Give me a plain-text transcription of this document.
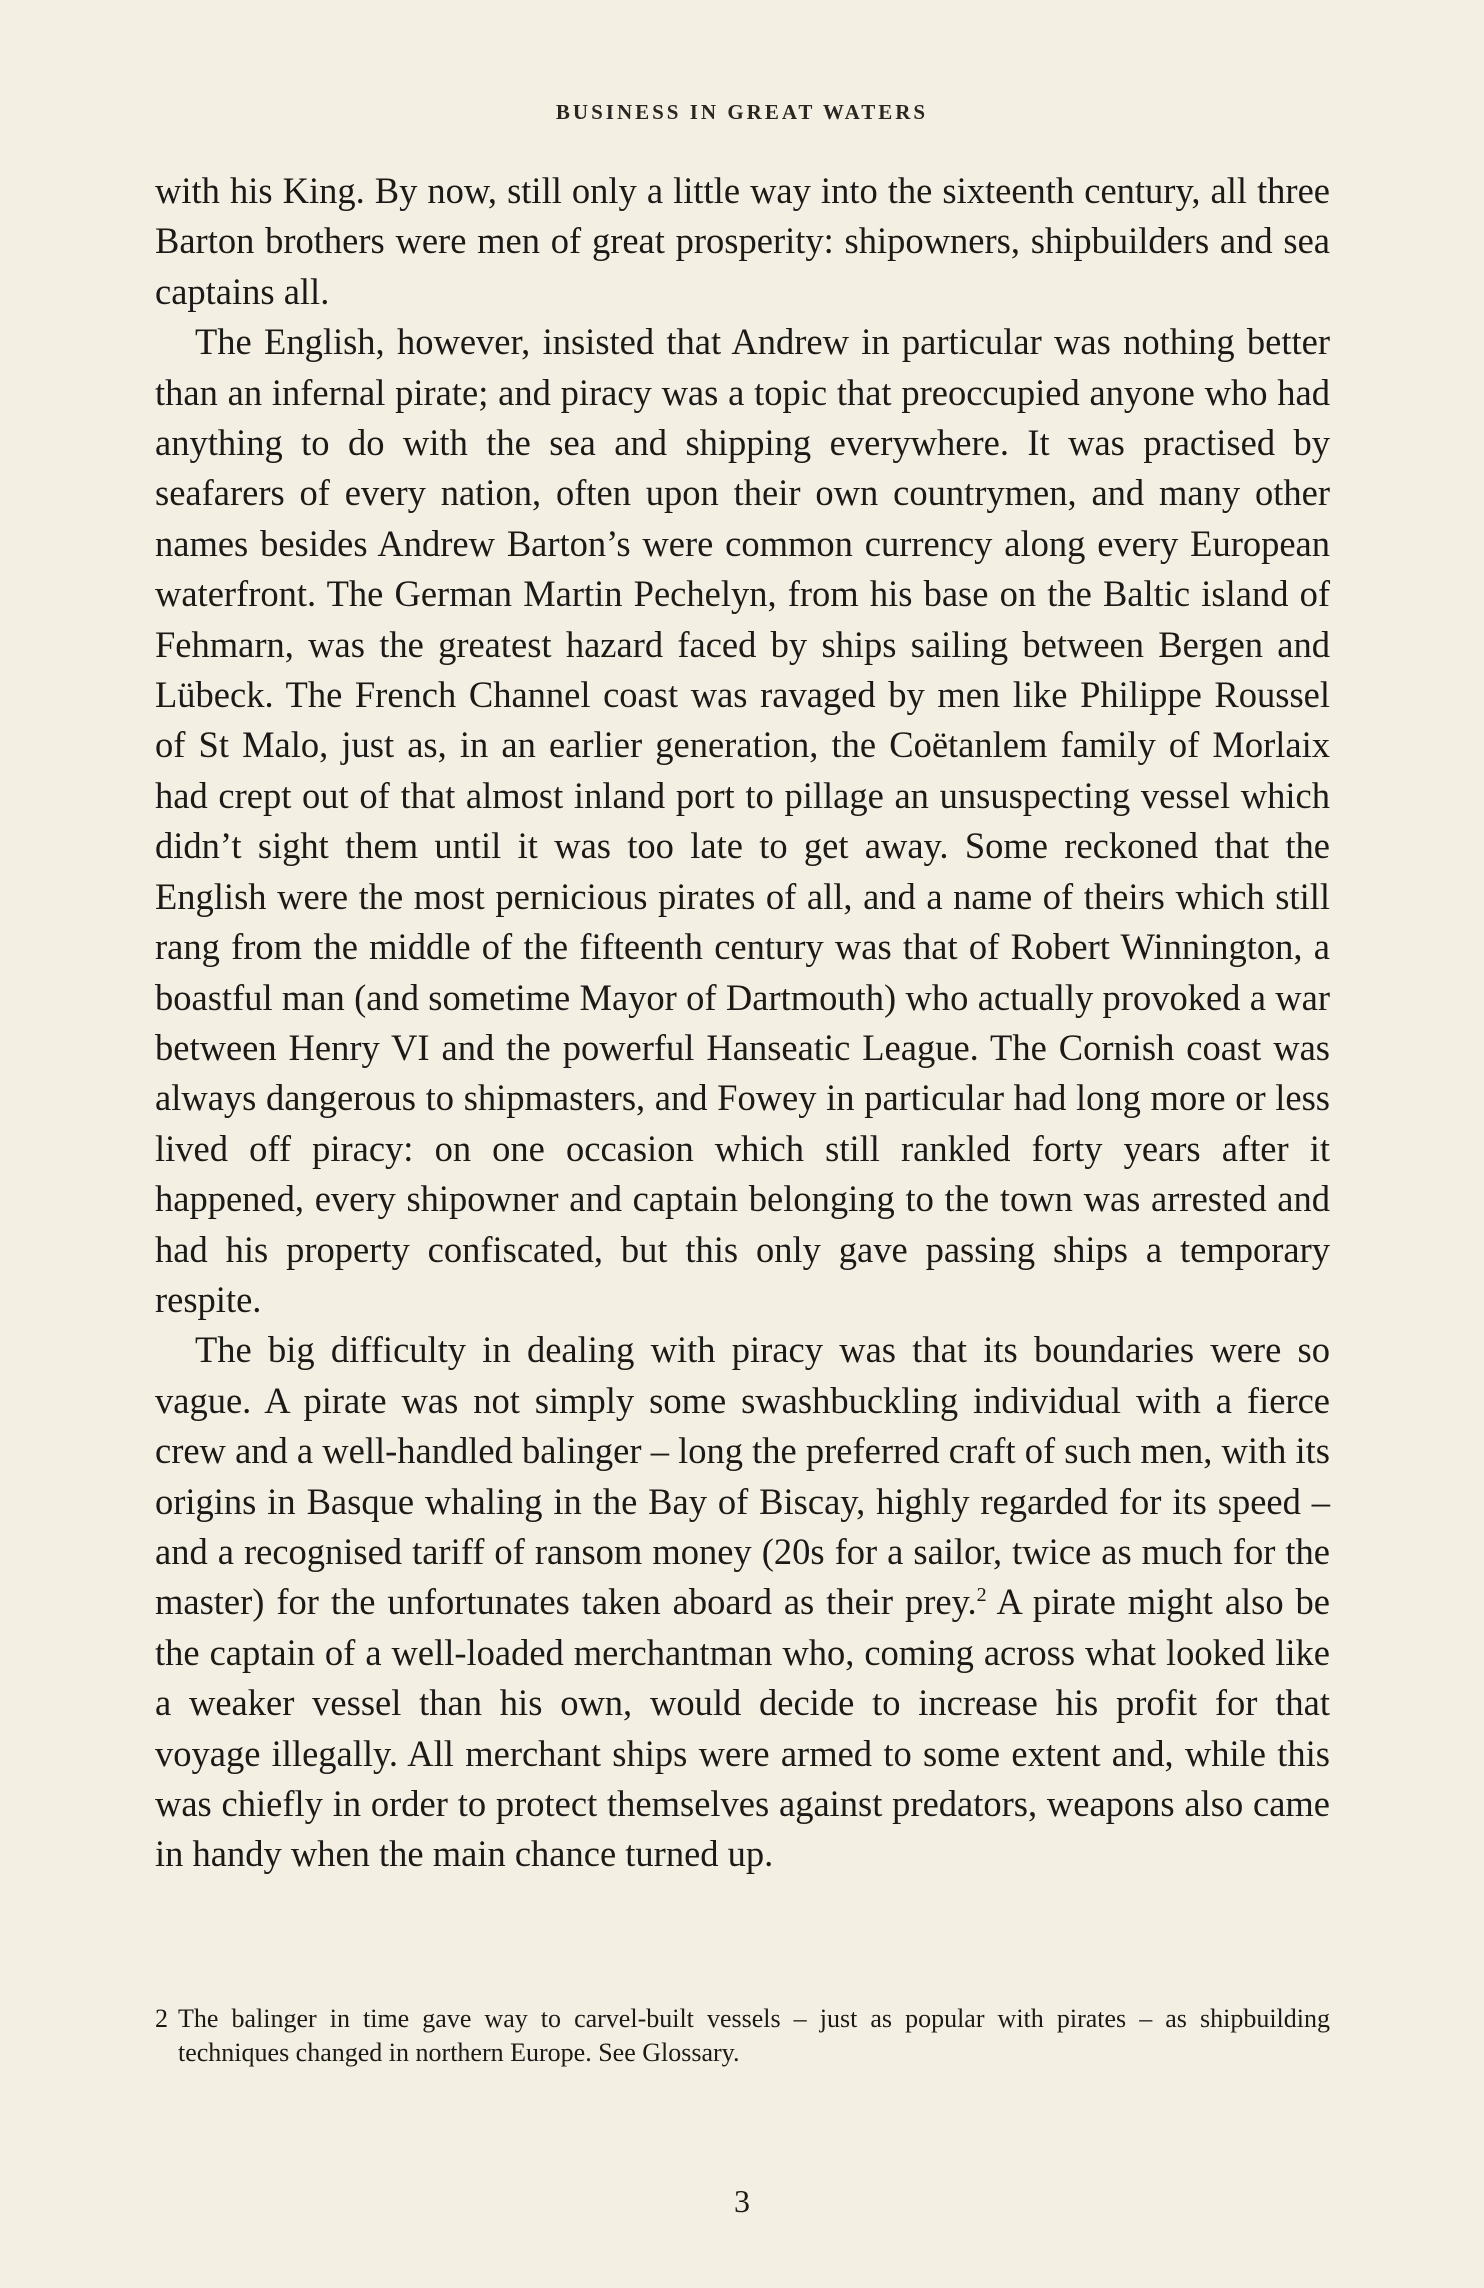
BUSINESS IN GREAT WATERS

with his King. By now, still only a little way into the sixteenth century, all three Barton brothers were men of great prosperity: shipowners, shipbuilders and sea captains all.

The English, however, insisted that Andrew in particular was nothing better than an infernal pirate; and piracy was a topic that preoccupied anyone who had anything to do with the sea and shipping everywhere. It was practised by seafarers of every nation, often upon their own countrymen, and many other names besides Andrew Barton’s were common currency along every European waterfront. The German Martin Pechelyn, from his base on the Baltic island of Fehmarn, was the greatest hazard faced by ships sailing between Bergen and Lübeck. The French Channel coast was ravaged by men like Philippe Roussel of St Malo, just as, in an earlier generation, the Coëtanlem family of Morlaix had crept out of that almost inland port to pillage an unsuspecting vessel which didn’t sight them until it was too late to get away. Some reckoned that the English were the most pernicious pirates of all, and a name of theirs which still rang from the middle of the fifteenth century was that of Robert Winnington, a boastful man (and sometime Mayor of Dartmouth) who actually provoked a war between Henry VI and the powerful Hanseatic League. The Cornish coast was always dangerous to shipmasters, and Fowey in particular had long more or less lived off piracy: on one occasion which still rankled forty years after it happened, every shipowner and captain belonging to the town was arrested and had his property confiscated, but this only gave passing ships a temporary respite.

The big difficulty in dealing with piracy was that its boundaries were so vague. A pirate was not simply some swashbuckling individual with a fierce crew and a well-handled balinger – long the preferred craft of such men, with its origins in Basque whaling in the Bay of Biscay, highly regarded for its speed – and a recognised tariff of ransom money (20s for a sailor, twice as much for the master) for the unfortunates taken aboard as their prey.$^2$ A pirate might also be the captain of a well-loaded merchantman who, coming across what looked like a weaker vessel than his own, would decide to increase his profit for that voyage illegally. All merchant ships were armed to some extent and, while this was chiefly in order to protect themselves against predators, weapons also came in handy when the main chance turned up.

2 The balinger in time gave way to carvel-built vessels – just as popular with pirates – as shipbuilding techniques changed in northern Europe. See Glossary.
3
